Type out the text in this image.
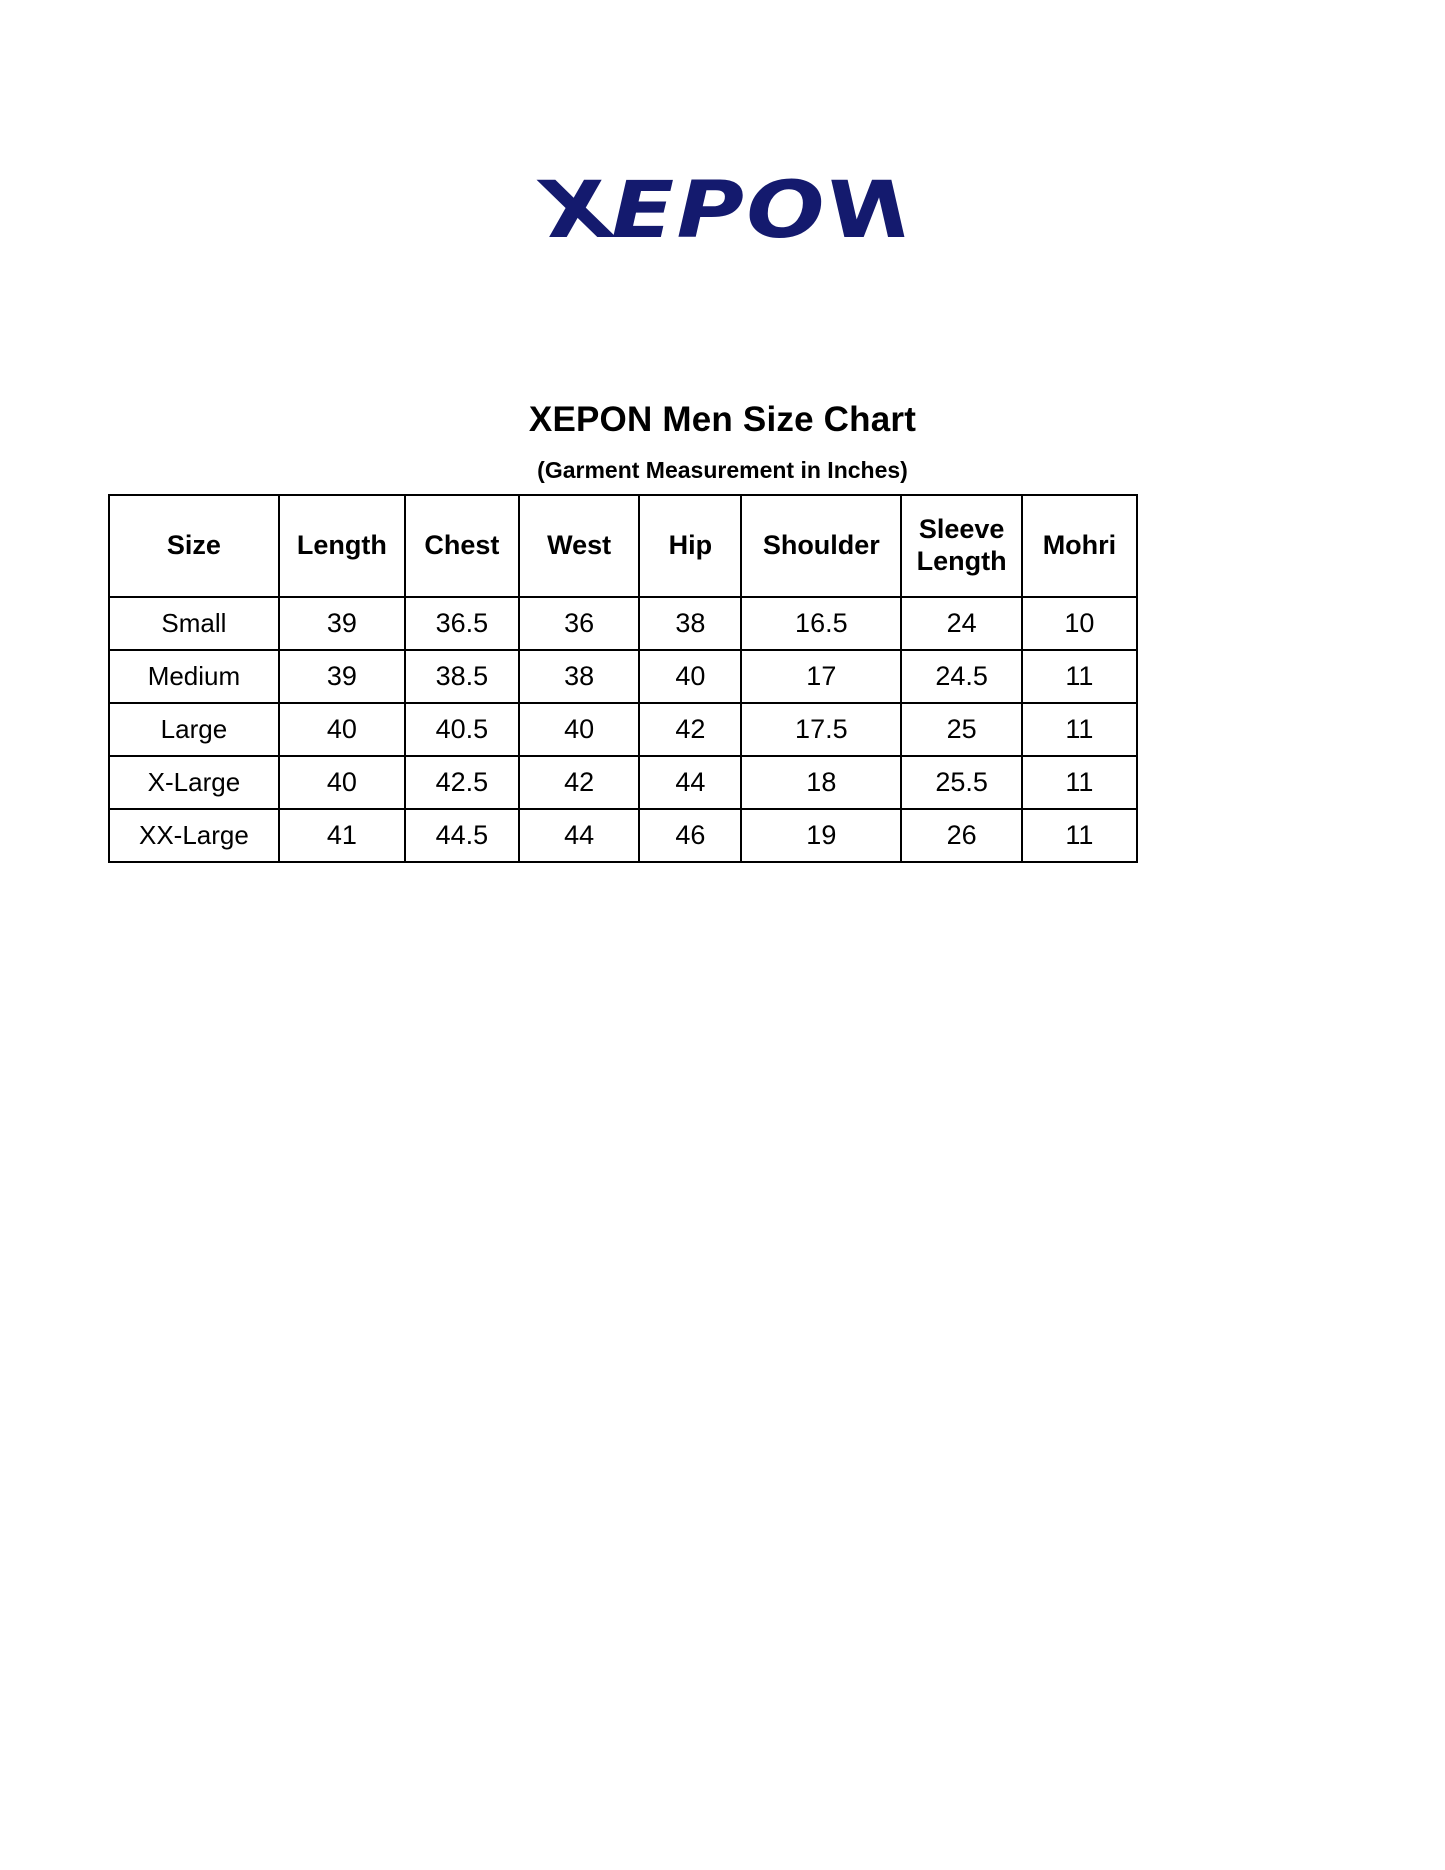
XEPON
XEPON Men Size Chart
(Garment Measurement in Inches)
Size	Length	Chest	West	Hip	Shoulder	Sleeve Length	Mohri
Small	39	36.5	36	38	16.5	24	10
Medium	39	38.5	38	40	17	24.5	11
Large	40	40.5	40	42	17.5	25	11
X-Large	40	42.5	42	44	18	25.5	11
XX-Large	41	44.5	44	46	19	26	11
